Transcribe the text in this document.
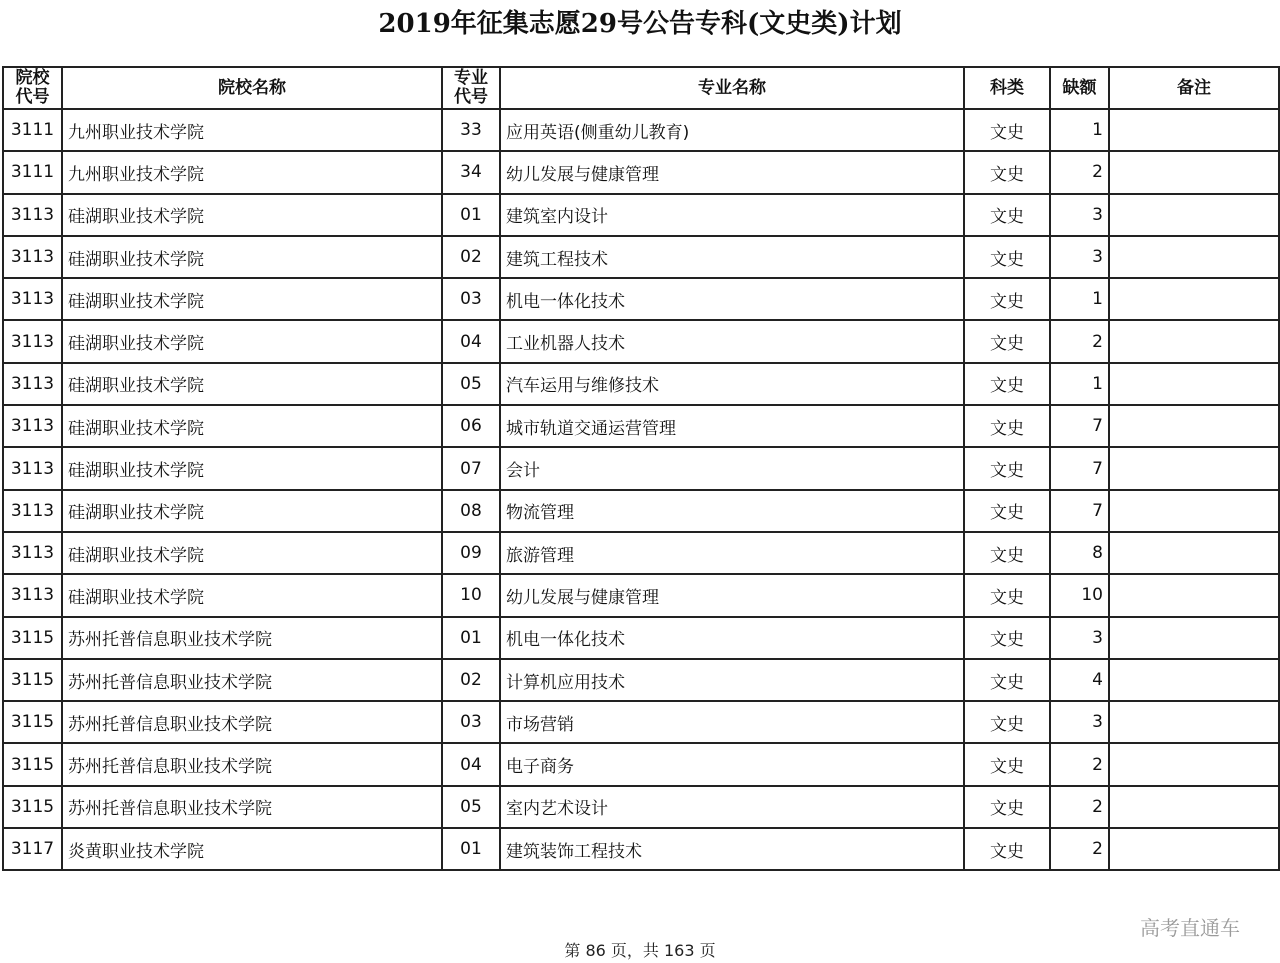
2019年征集志愿29号公告专科(文史类)计划
院校代号	院校名称	专业代号	专业名称	科类	缺额	备注
3111	九州职业技术学院	33	应用英语(侧重幼儿教育)	文史	1	
3111	九州职业技术学院	34	幼儿发展与健康管理	文史	2	
3113	硅湖职业技术学院	01	建筑室内设计	文史	3	
3113	硅湖职业技术学院	02	建筑工程技术	文史	3	
3113	硅湖职业技术学院	03	机电一体化技术	文史	1	
3113	硅湖职业技术学院	04	工业机器人技术	文史	2	
3113	硅湖职业技术学院	05	汽车运用与维修技术	文史	1	
3113	硅湖职业技术学院	06	城市轨道交通运营管理	文史	7	
3113	硅湖职业技术学院	07	会计	文史	7	
3113	硅湖职业技术学院	08	物流管理	文史	7	
3113	硅湖职业技术学院	09	旅游管理	文史	8	
3113	硅湖职业技术学院	10	幼儿发展与健康管理	文史	10	
3115	苏州托普信息职业技术学院	01	机电一体化技术	文史	3	
3115	苏州托普信息职业技术学院	02	计算机应用技术	文史	4	
3115	苏州托普信息职业技术学院	03	市场营销	文史	3	
3115	苏州托普信息职业技术学院	04	电子商务	文史	2	
3115	苏州托普信息职业技术学院	05	室内艺术设计	文史	2	
3117	炎黄职业技术学院	01	建筑装饰工程技术	文史	2	
高考直通车
第 86 页，共 163 页
